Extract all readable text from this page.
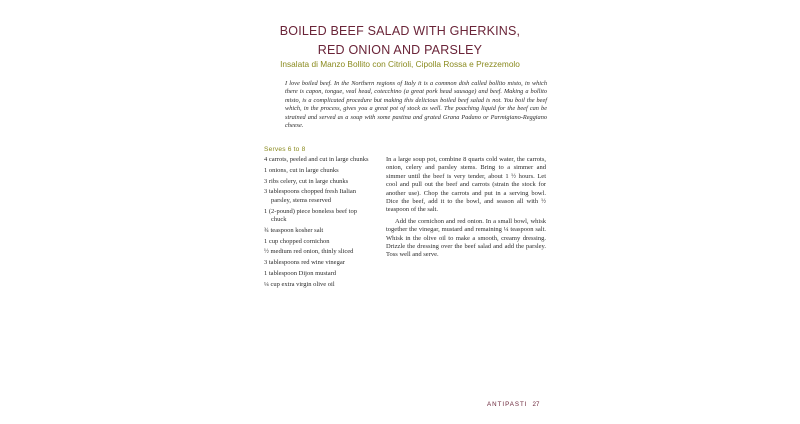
BOILED BEEF SALAD WITH GHERKINS,
RED ONION AND PARSLEY
Insalata di Manzo Bollito con Citrioli, Cipolla Rossa e Prezzemolo
I love boiled beef. In the Northern regions of Italy it is a common dish called bollito misto, in which there is capon, tongue, veal head, cotecchino (a great pork head sausage) and beef. Making a bollito misto, is a complicated procedure but making this delicious boiled beef salad is not. You boil the beef which, in the process, gives you a great pot of stock as well. The poaching liquid for the beef can be strained and served as a soup with some pastina and grated Grana Padano or Parmigiano-Reggiano cheese.
Serves 6 to 8
4 carrots, peeled and cut in large chunks
1 onions, cut in large chunks
3 ribs celery, cut in large chunks
3 tablespoons chopped fresh Italian parsley, stems reserved
1 (2-pound) piece boneless beef top chuck
¾ teaspoon kosher salt
1 cup chopped cornichon
½ medium red onion, thinly sliced
3 tablespoons red wine vinegar
1 tablespoon Dijon mustard
¼ cup extra virgin olive oil

In a large soup pot, combine 8 quarts cold water, the carrots, onion, celery and parsley stems. Bring to a simmer and simmer until the beef is very tender, about 1 ½ hours. Let cool and pull out the beef and carrots (strain the stock for another use). Chop the carrots and put in a serving bowl. Dice the beef, add it to the bowl, and season all with ½ teaspoon of the salt.

Add the cornichon and red onion. In a small bowl, whisk together the vinegar, mustard and remaining ¼ teaspoon salt. Whisk in the olive oil to make a smooth, creamy dressing. Drizzle the dressing over the beef salad and add the parsley. Toss well and serve.

ANTIPASTI 27
